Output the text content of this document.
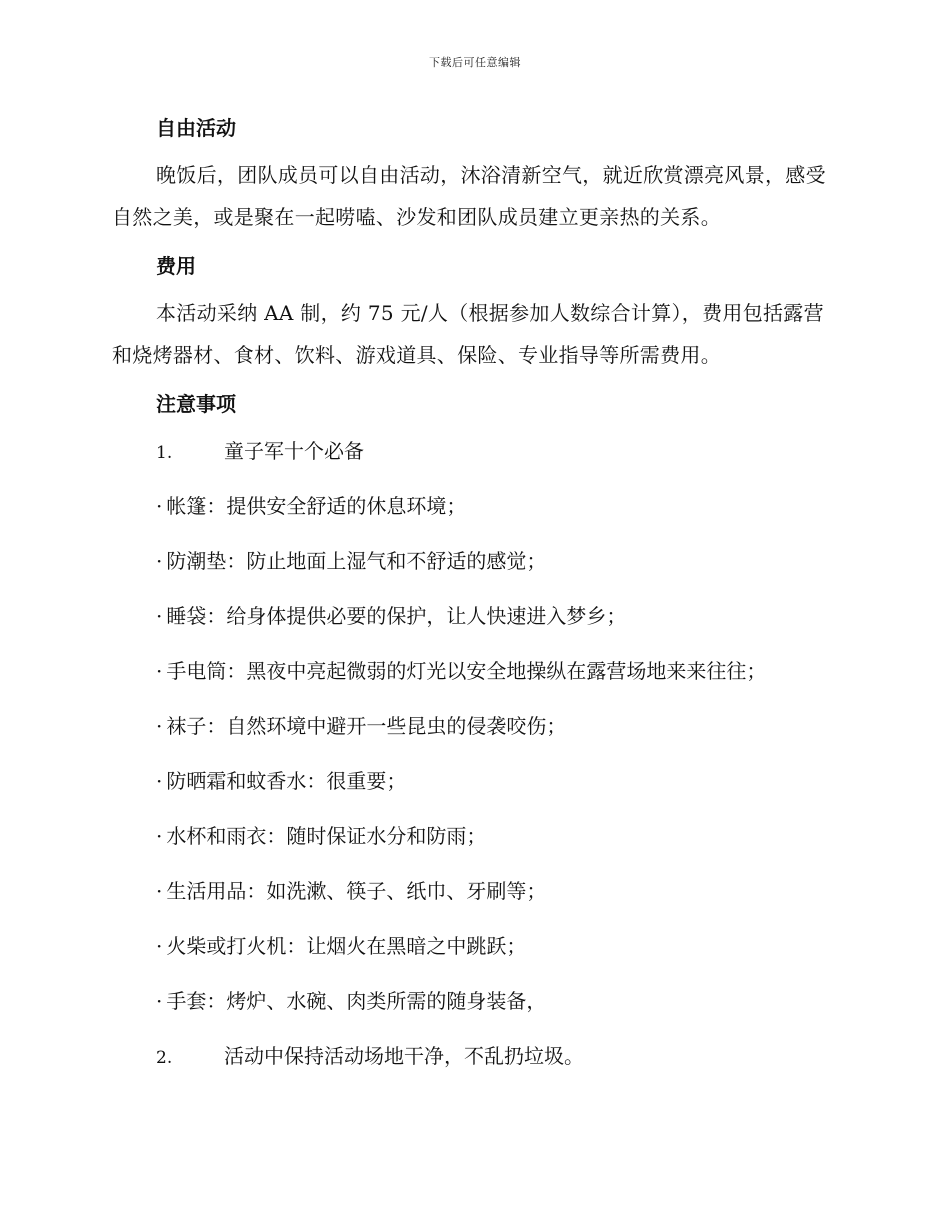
下载后可任意编辑
自由活动

晚饭后，团队成员可以自由活动，沐浴清新空气，就近欣赏漂亮风景，感受自然之美，或是聚在一起唠嗑、沙发和团队成员建立更亲热的关系。

费用

本活动采纳 AA 制，约 75 元/人（根据参加人数综合计算），费用包括露营和烧烤器材、食材、饮料、游戏道具、保险、专业指导等所需费用。

注意事项
1.	童子军十个必备
· 帐篷：提供安全舒适的休息环境；
· 防潮垫：防止地面上湿气和不舒适的感觉；
· 睡袋：给身体提供必要的保护，让人快速进入梦乡；
· 手电筒：黑夜中亮起微弱的灯光以安全地操纵在露营场地来来往往；
· 袜子：自然环境中避开一些昆虫的侵袭咬伤；
· 防晒霜和蚊香水：很重要；
· 水杯和雨衣：随时保证水分和防雨；
· 生活用品：如洗漱、筷子、纸巾、牙刷等；
· 火柴或打火机：让烟火在黑暗之中跳跃；
· 手套：烤炉、水碗、肉类所需的随身装备，
2.	活动中保持活动场地干净，不乱扔垃圾。
